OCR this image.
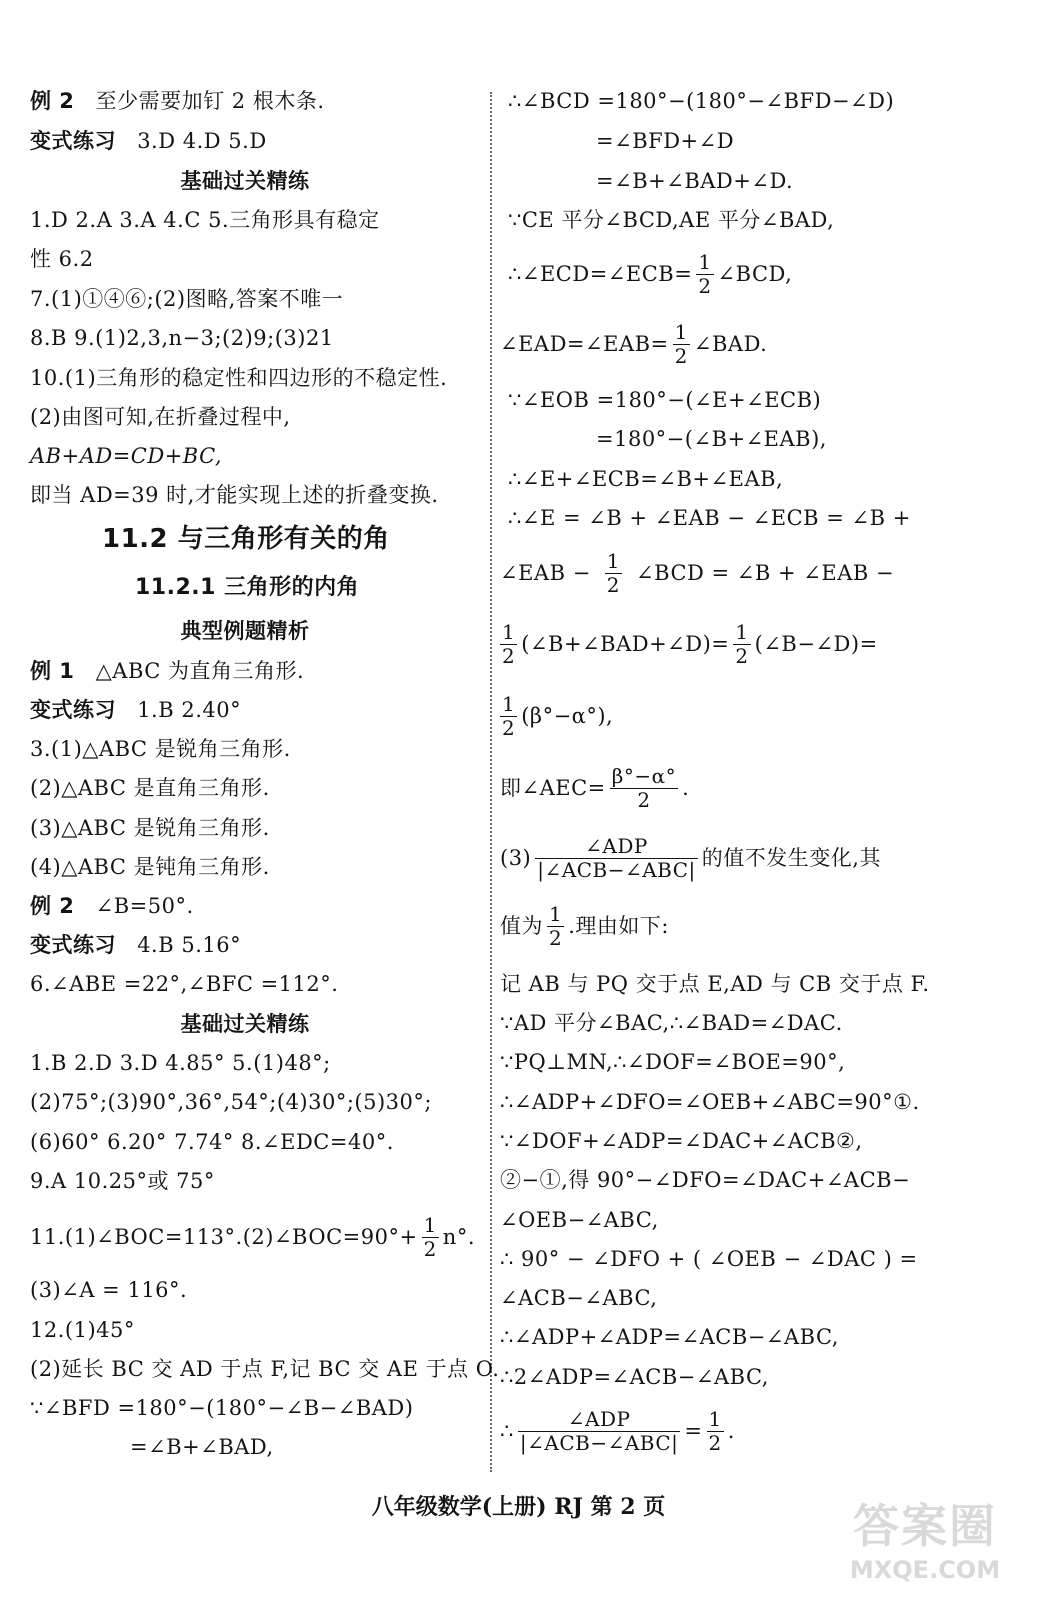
例 2 至少需要加钉 2 根木条.
变式练习 3.D 4.D 5.D
基础过关精练
1.D 2.A 3.A 4.C 5.三角形具有稳定
性 6.2
7.(1)①④⑥;(2)图略,答案不唯一
8.B 9.(1)2,3,n−3;(2)9;(3)21
10.(1)三角形的稳定性和四边形的不稳定性.
(2)由图可知,在折叠过程中,
AB+AD=CD+BC,
即当 AD=39 时,才能实现上述的折叠变换.
11.2 与三角形有关的角
11.2.1 三角形的内角
典型例题精析
例 1 △ABC 为直角三角形.
变式练习 1.B 2.40°
3.(1)△ABC 是锐角三角形.
(2)△ABC 是直角三角形.
(3)△ABC 是锐角三角形.
(4)△ABC 是钝角三角形.
例 2 ∠B=50°.
变式练习 4.B 5.16°
6.∠ABE =22°,∠BFC =112°.
基础过关精练
1.B 2.D 3.D 4.85° 5.(1)48°;
(2)75°;(3)90°,36°,54°;(4)30°;(5)30°;
(6)60° 6.20° 7.74° 8.∠EDC=40°.
9.A 10.25°或 75°
11.(1)∠BOC=113°.(2)∠BOC=90°+ $\frac{1}{2} n^\circ$.
(3)∠A = 116°.
12.(1)45°
(2)延长 BC 交 AD 于点 F,记 BC 交 AE 于点 O.
∵∠BFD =180°−(180°−∠B−∠BAD)
=∠B+∠BAD,
∴∠BCD =180°−(180°−∠BFD−∠D)
=∠BFD+∠D
=∠B+∠BAD+∠D.
∵CE 平分∠BCD,AE 平分∠BAD,
∴∠ECD=∠ECB= $\frac{1}{2}$ ∠BCD,
∠EAD=∠EAB= $\frac{1}{2}$ ∠BAD.
∵∠EOB =180°−(∠E+∠ECB)
=180°−(∠B+∠EAB),
∴∠E+∠ECB=∠B+∠EAB,
∴∠E = ∠B + ∠EAB − ∠ECB = ∠B +
∠EAB − $\frac{1}{2}$ ∠BCD = ∠B + ∠EAB −
$\frac{1}{2}$ (∠B+∠BAD+∠D)= $\frac{1}{2}$ (∠B−∠D)=
$\frac{1}{2} (\beta^\circ-\alpha^\circ)$,
即∠AEC= $\frac{\beta^\circ-\alpha^\circ}{2}$ .
$(3) \frac{\text{∠ADP}}{\text{|∠ACB−∠ABC|}}$ 的值不发生变化,其
值为 $\frac{1}{2}$ .理由如下:
记 AB 与 PQ 交于点 E,AD 与 CB 交于点 F.
∵AD 平分∠BAC,∴∠BAD=∠DAC.
∵PQ⊥MN,∴∠DOF=∠BOE=90°,
∴∠ADP+∠DFO=∠OEB+∠ABC=90°①.
∵∠DOF+∠ADP=∠DAC+∠ACB②,
②−①,得 90°−∠DFO=∠DAC+∠ACB−
∠OEB−∠ABC,
∴ 90° − ∠DFO + ( ∠OEB − ∠DAC ) =
∠ACB−∠ABC,
∴∠ADP+∠ADP=∠ACB−∠ABC,
∴2∠ADP=∠ACB−∠ABC,
∴ $\frac{\text{∠ADP}}{\text{|∠ACB−∠ABC|}} = \frac{1}{2}$ .
八年级数学(上册) RJ 第 2 页	答案圈
MXQE.COM
